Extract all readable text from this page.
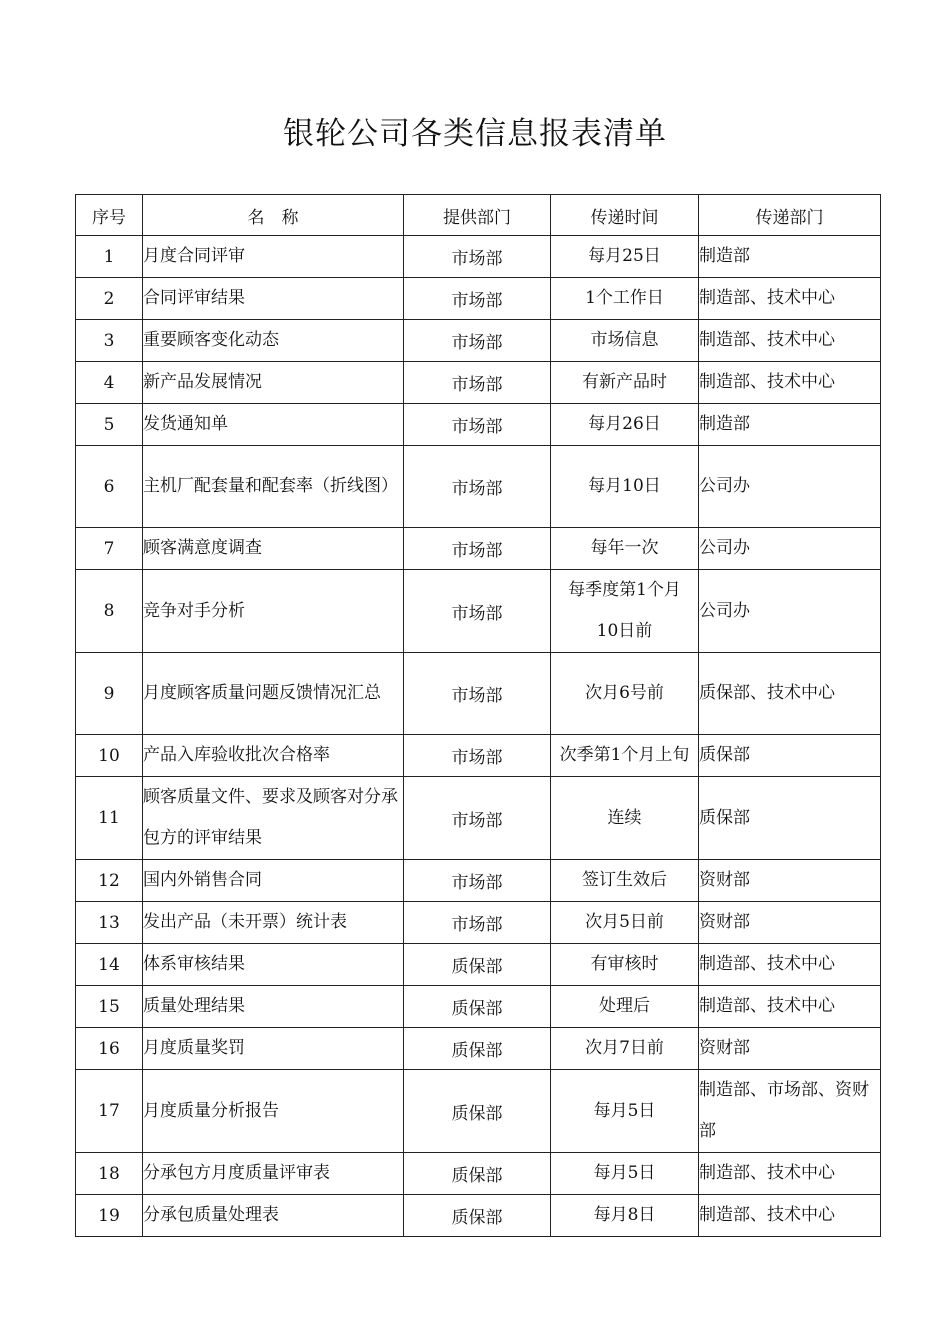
银轮公司各类信息报表清单
序号	名　称	提供部门	传递时间	传递部门
1	月度合同评审	市场部	每月25日	制造部
2	合同评审结果	市场部	1个工作日	制造部、技术中心
3	重要顾客变化动态	市场部	市场信息	制造部、技术中心
4	新产品发展情况	市场部	有新产品时	制造部、技术中心
5	发货通知单	市场部	每月26日	制造部
6	主机厂配套量和配套率（折线图）	市场部	每月10日	公司办
7	顾客满意度调查	市场部	每年一次	公司办
8	竞争对手分析	市场部	每季度第1个月10日前	公司办
9	月度顾客质量问题反馈情况汇总	市场部	次月6号前	质保部、技术中心
10	产品入库验收批次合格率	市场部	次季第1个月上旬	质保部
11	顾客质量文件、要求及顾客对分承包方的评审结果	市场部	连续	质保部
12	国内外销售合同	市场部	签订生效后	资财部
13	发出产品（未开票）统计表	市场部	次月5日前	资财部
14	体系审核结果	质保部	有审核时	制造部、技术中心
15	质量处理结果	质保部	处理后	制造部、技术中心
16	月度质量奖罚	质保部	次月7日前	资财部
17	月度质量分析报告	质保部	每月5日	制造部、市场部、资财部
18	分承包方月度质量评审表	质保部	每月5日	制造部、技术中心
19	分承包质量处理表	质保部	每月8日	制造部、技术中心
